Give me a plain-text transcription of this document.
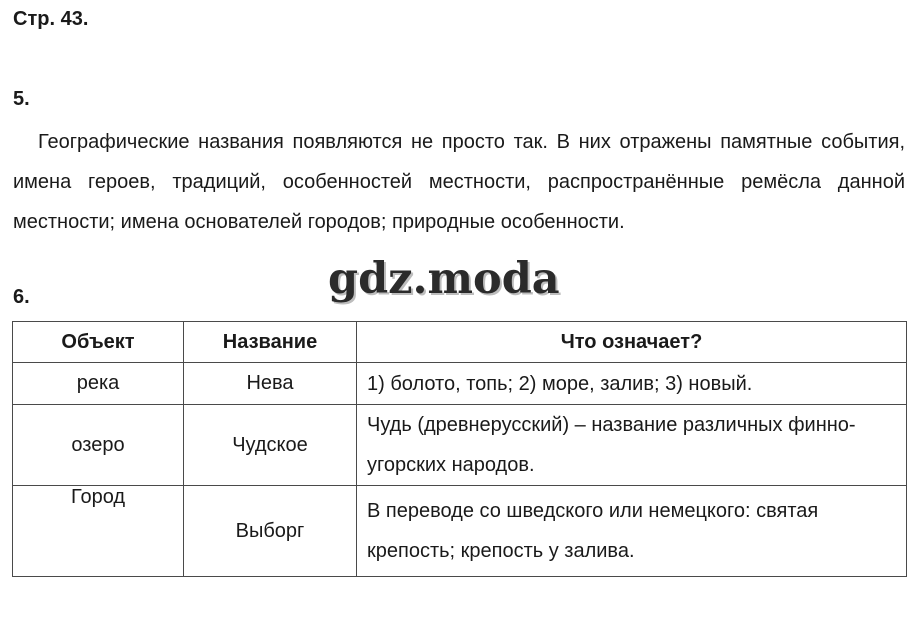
Стр. 43.
5.

Географические названия появляются не просто так. В них отражены памятные события, имена героев, традиций, особенностей местности, распространённые ремёсла данной местности; имена основателей городов; природные особенности.

6.	gdz.moda
Объект	Название	Что означает?
река	Нева	1) болото, топь; 2) море, залив; 3) новый.
озеро	Чудское	Чудь (древнерусский) – название различных финно-угорских народов.
Город	Выборг	В переводе со шведского или немецкого: святая крепость; крепость у залива.
